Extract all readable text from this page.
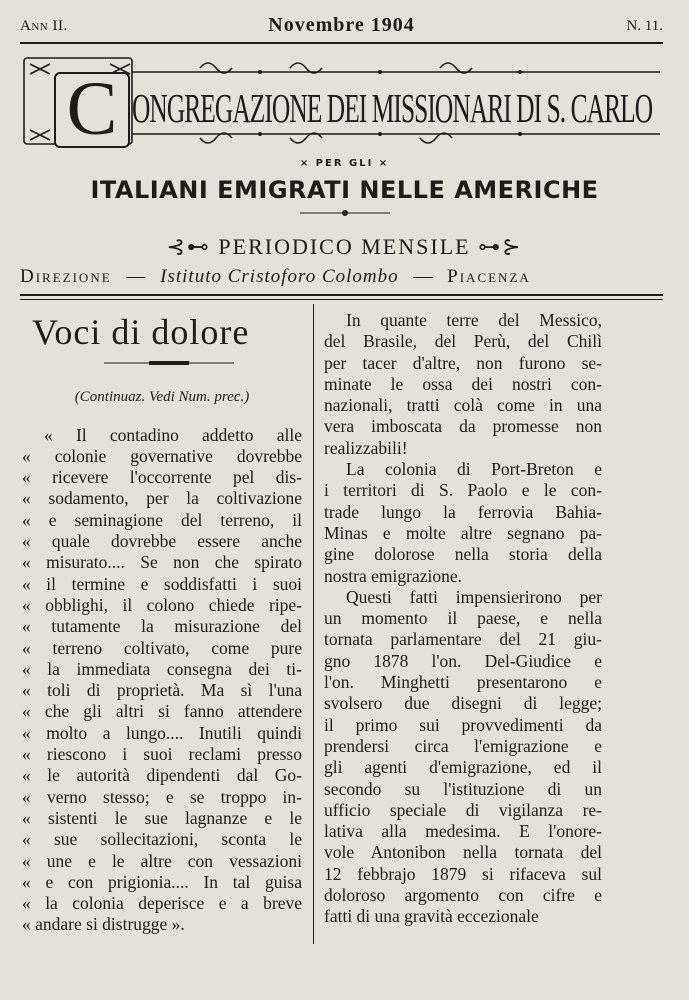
Ann II.	Novembre 1904	N. 11.
C ONGREGAZIONE DEI MISSIONARI DI S. CARLO
× PER GLI ×
ITALIANI EMIGRATI NELLE AMERICHE
⊰⊷ PERIODICO MENSILE ⊶⊱
Direzione — Istituto Cristoforo Colombo — Piacenza
Voci di dolore
(Continuaz. Vedi Num. prec.)
« Il contadino addetto alle
« colonie governative dovrebbe
« ricevere l'occorrente pel dis-
« sodamento, per la coltivazione
« e seminagione del terreno, il
« quale dovrebbe essere anche
« misurato.... Se non che spirato
« il termine e soddisfatti i suoi
« obblighi, il colono chiede ripe-
« tutamente la misurazione del
« terreno coltivato, come pure
« la immediata consegna dei ti-
« toli di proprietà. Ma sì l'una
« che gli altri si fanno attendere
« molto a lungo.... Inutili quindi
« riescono i suoi reclami presso
« le autorità dipendenti dal Go-
« verno stesso; e se troppo in-
« sistenti le sue lagnanze e le
« sue sollecitazioni, sconta le
« une e le altre con vessazioni
« e con prigionia.... In tal guisa
« la colonia deperisce e a breve
« andare si distrugge ».
In quante terre del Messico,
del Brasile, del Perù, del Chilì
per tacer d'altre, non furono se-
minate le ossa dei nostri con-
nazionali, tratti colà come in una
vera imboscata da promesse non
realizzabili!
La colonia di Port-Breton e
i territori di S. Paolo e le con-
trade lungo la ferrovia Bahia-
Minas e molte altre segnano pa-
gine dolorose nella storia della
nostra emigrazione.
Questi fatti impensierirono per
un momento il paese, e nella
tornata parlamentare del 21 giu-
gno 1878 l'on. Del-Giudice e
l'on. Minghetti presentarono e
svolsero due disegni di legge;
il primo sui provvedimenti da
prendersi circa l'emigrazione e
gli agenti d'emigrazione, ed il
secondo su l'istituzione di un
ufficio speciale di vigilanza re-
lativa alla medesima. E l'onore-
vole Antonibon nella tornata del
12 febbrajo 1879 si rifaceva sul
doloroso argomento con cifre e
fatti di una gravità eccezionale
